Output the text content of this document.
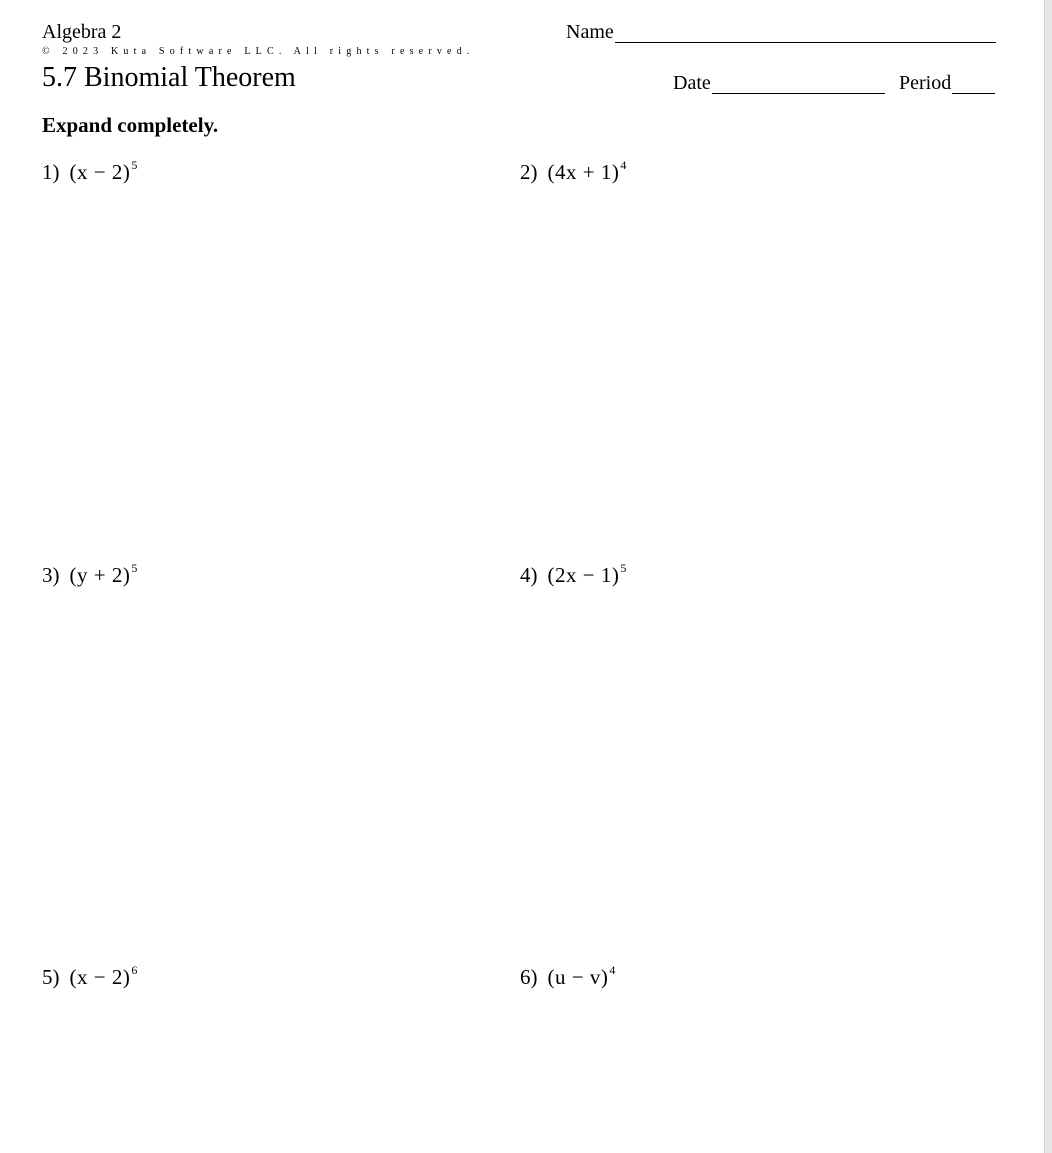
Algebra 2	Name
© 2023 Kuta Software LLC. All rights reserved.
5.7 Binomial Theorem	Date	Period
Expand completely.
1) $(x - 2)^5$	2) $(4x + 1)^4$
3) $(y + 2)^5$	4) $(2x - 1)^5$
5) $(x - 2)^6$	6) $(u - v)^4$
